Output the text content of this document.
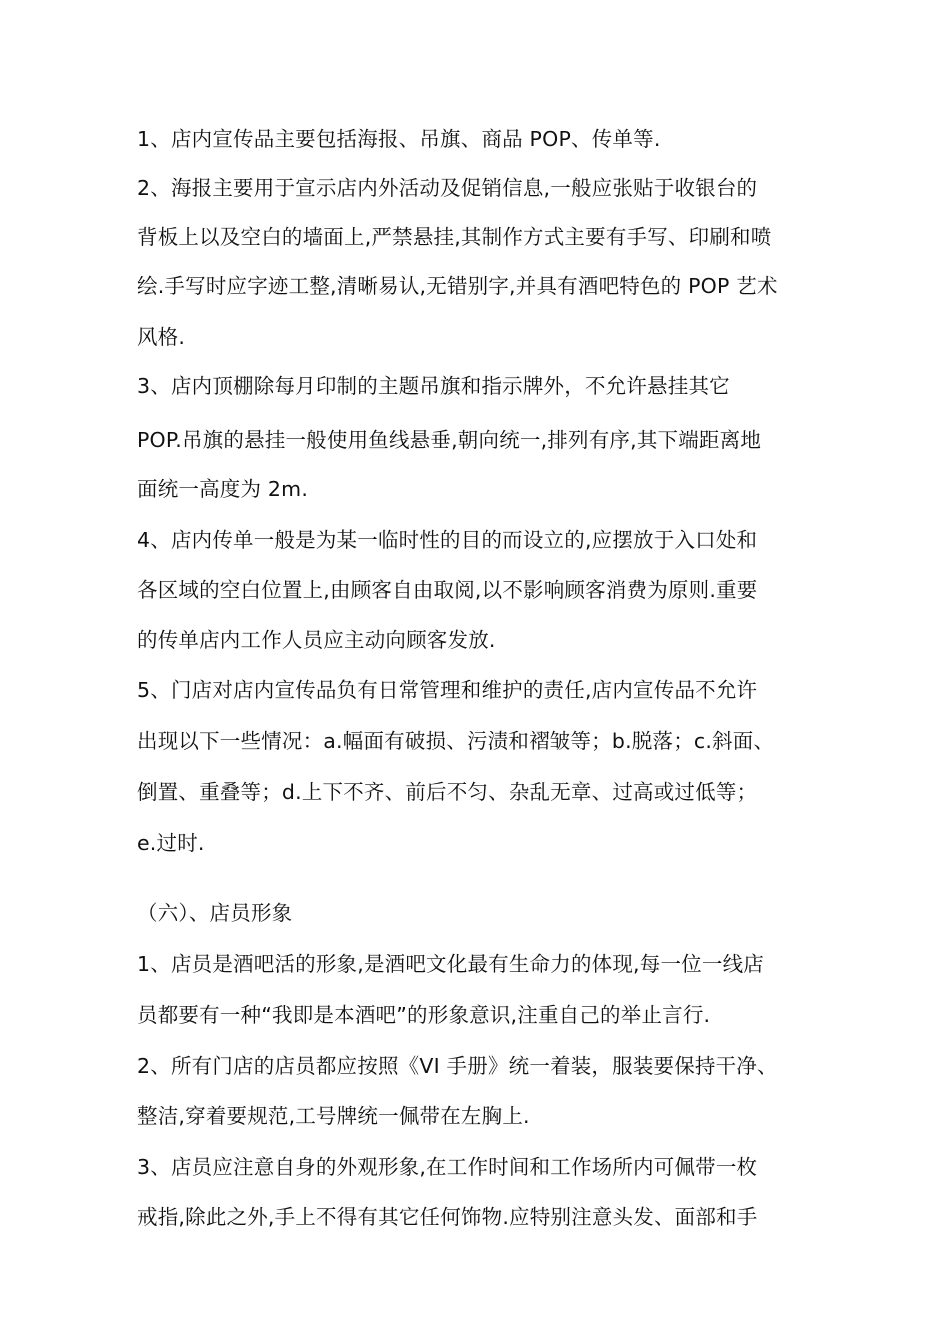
1、店内宣传品主要包括海报、吊旗、商品 POP、传单等.
2、海报主要用于宣示店内外活动及促销信息,一般应张贴于收银台的
背板上以及空白的墙面上,严禁悬挂,其制作方式主要有手写、印刷和喷
绘.手写时应字迹工整,清晰易认,无错别字,并具有酒吧特色的 POP 艺术
风格.
3、店内顶棚除每月印制的主题吊旗和指示牌外，不允许悬挂其它
POP.吊旗的悬挂一般使用鱼线悬垂,朝向统一,排列有序,其下端距离地
面统一高度为 2m.
4、店内传单一般是为某一临时性的目的而设立的,应摆放于入口处和
各区域的空白位置上,由顾客自由取阅,以不影响顾客消费为原则.重要
的传单店内工作人员应主动向顾客发放.
5、门店对店内宣传品负有日常管理和维护的责任,店内宣传品不允许
出现以下一些情况：a.幅面有破损、污渍和褶皱等；b.脱落；c.斜面、
倒置、重叠等；d.上下不齐、前后不匀、杂乱无章、过高或过低等；
e.过时.
（六）、店员形象
1、店员是酒吧活的形象,是酒吧文化最有生命力的体现,每一位一线店
员都要有一种“我即是本酒吧”的形象意识,注重自己的举止言行.
2、所有门店的店员都应按照《VI 手册》统一着装，服装要保持干净、
整洁,穿着要规范,工号牌统一佩带在左胸上.
3、店员应注意自身的外观形象,在工作时间和工作场所内可佩带一枚
戒指,除此之外,手上不得有其它任何饰物.应特别注意头发、面部和手
